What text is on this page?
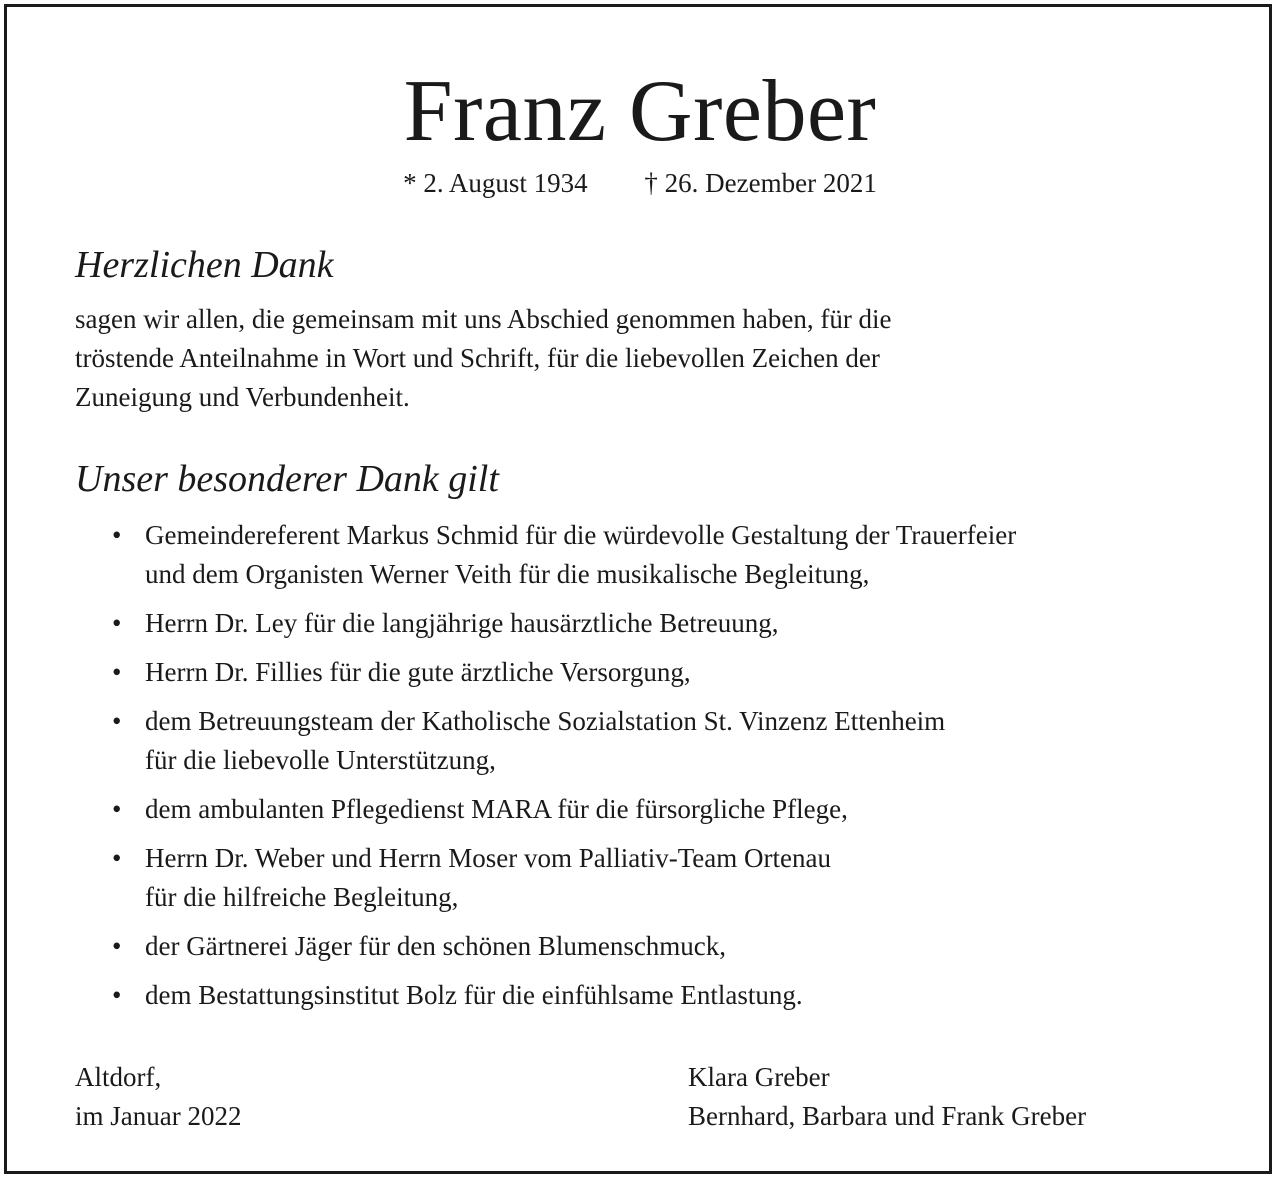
Franz Greber
* 2. August 1934 † 26. Dezember 2021
Herzlichen Dank

sagen wir allen, die gemeinsam mit uns Abschied genommen haben, für die
tröstende Anteilnahme in Wort und Schrift, für die liebevollen Zeichen der
Zuneigung und Verbundenheit.

Unser besonderer Dank gilt
• Gemeindereferent Markus Schmid für die würdevolle Gestaltung der Trauerfeier
und dem Organisten Werner Veith für die musikalische Begleitung,
• Herrn Dr. Ley für die langjährige hausärztliche Betreuung,
• Herrn Dr. Fillies für die gute ärztliche Versorgung,
• dem Betreuungsteam der Katholische Sozialstation St. Vinzenz Ettenheim
für die liebevolle Unterstützung,
• dem ambulanten Pflegedienst MARA für die fürsorgliche Pflege,
• Herrn Dr. Weber und Herrn Moser vom Palliativ-Team Ortenau
für die hilfreiche Begleitung,
• der Gärtnerei Jäger für den schönen Blumenschmuck,
• dem Bestattungsinstitut Bolz für die einfühlsame Entlastung.
Altdorf,
im Januar 2022
Klara Greber
Bernhard, Barbara und Frank Greber
